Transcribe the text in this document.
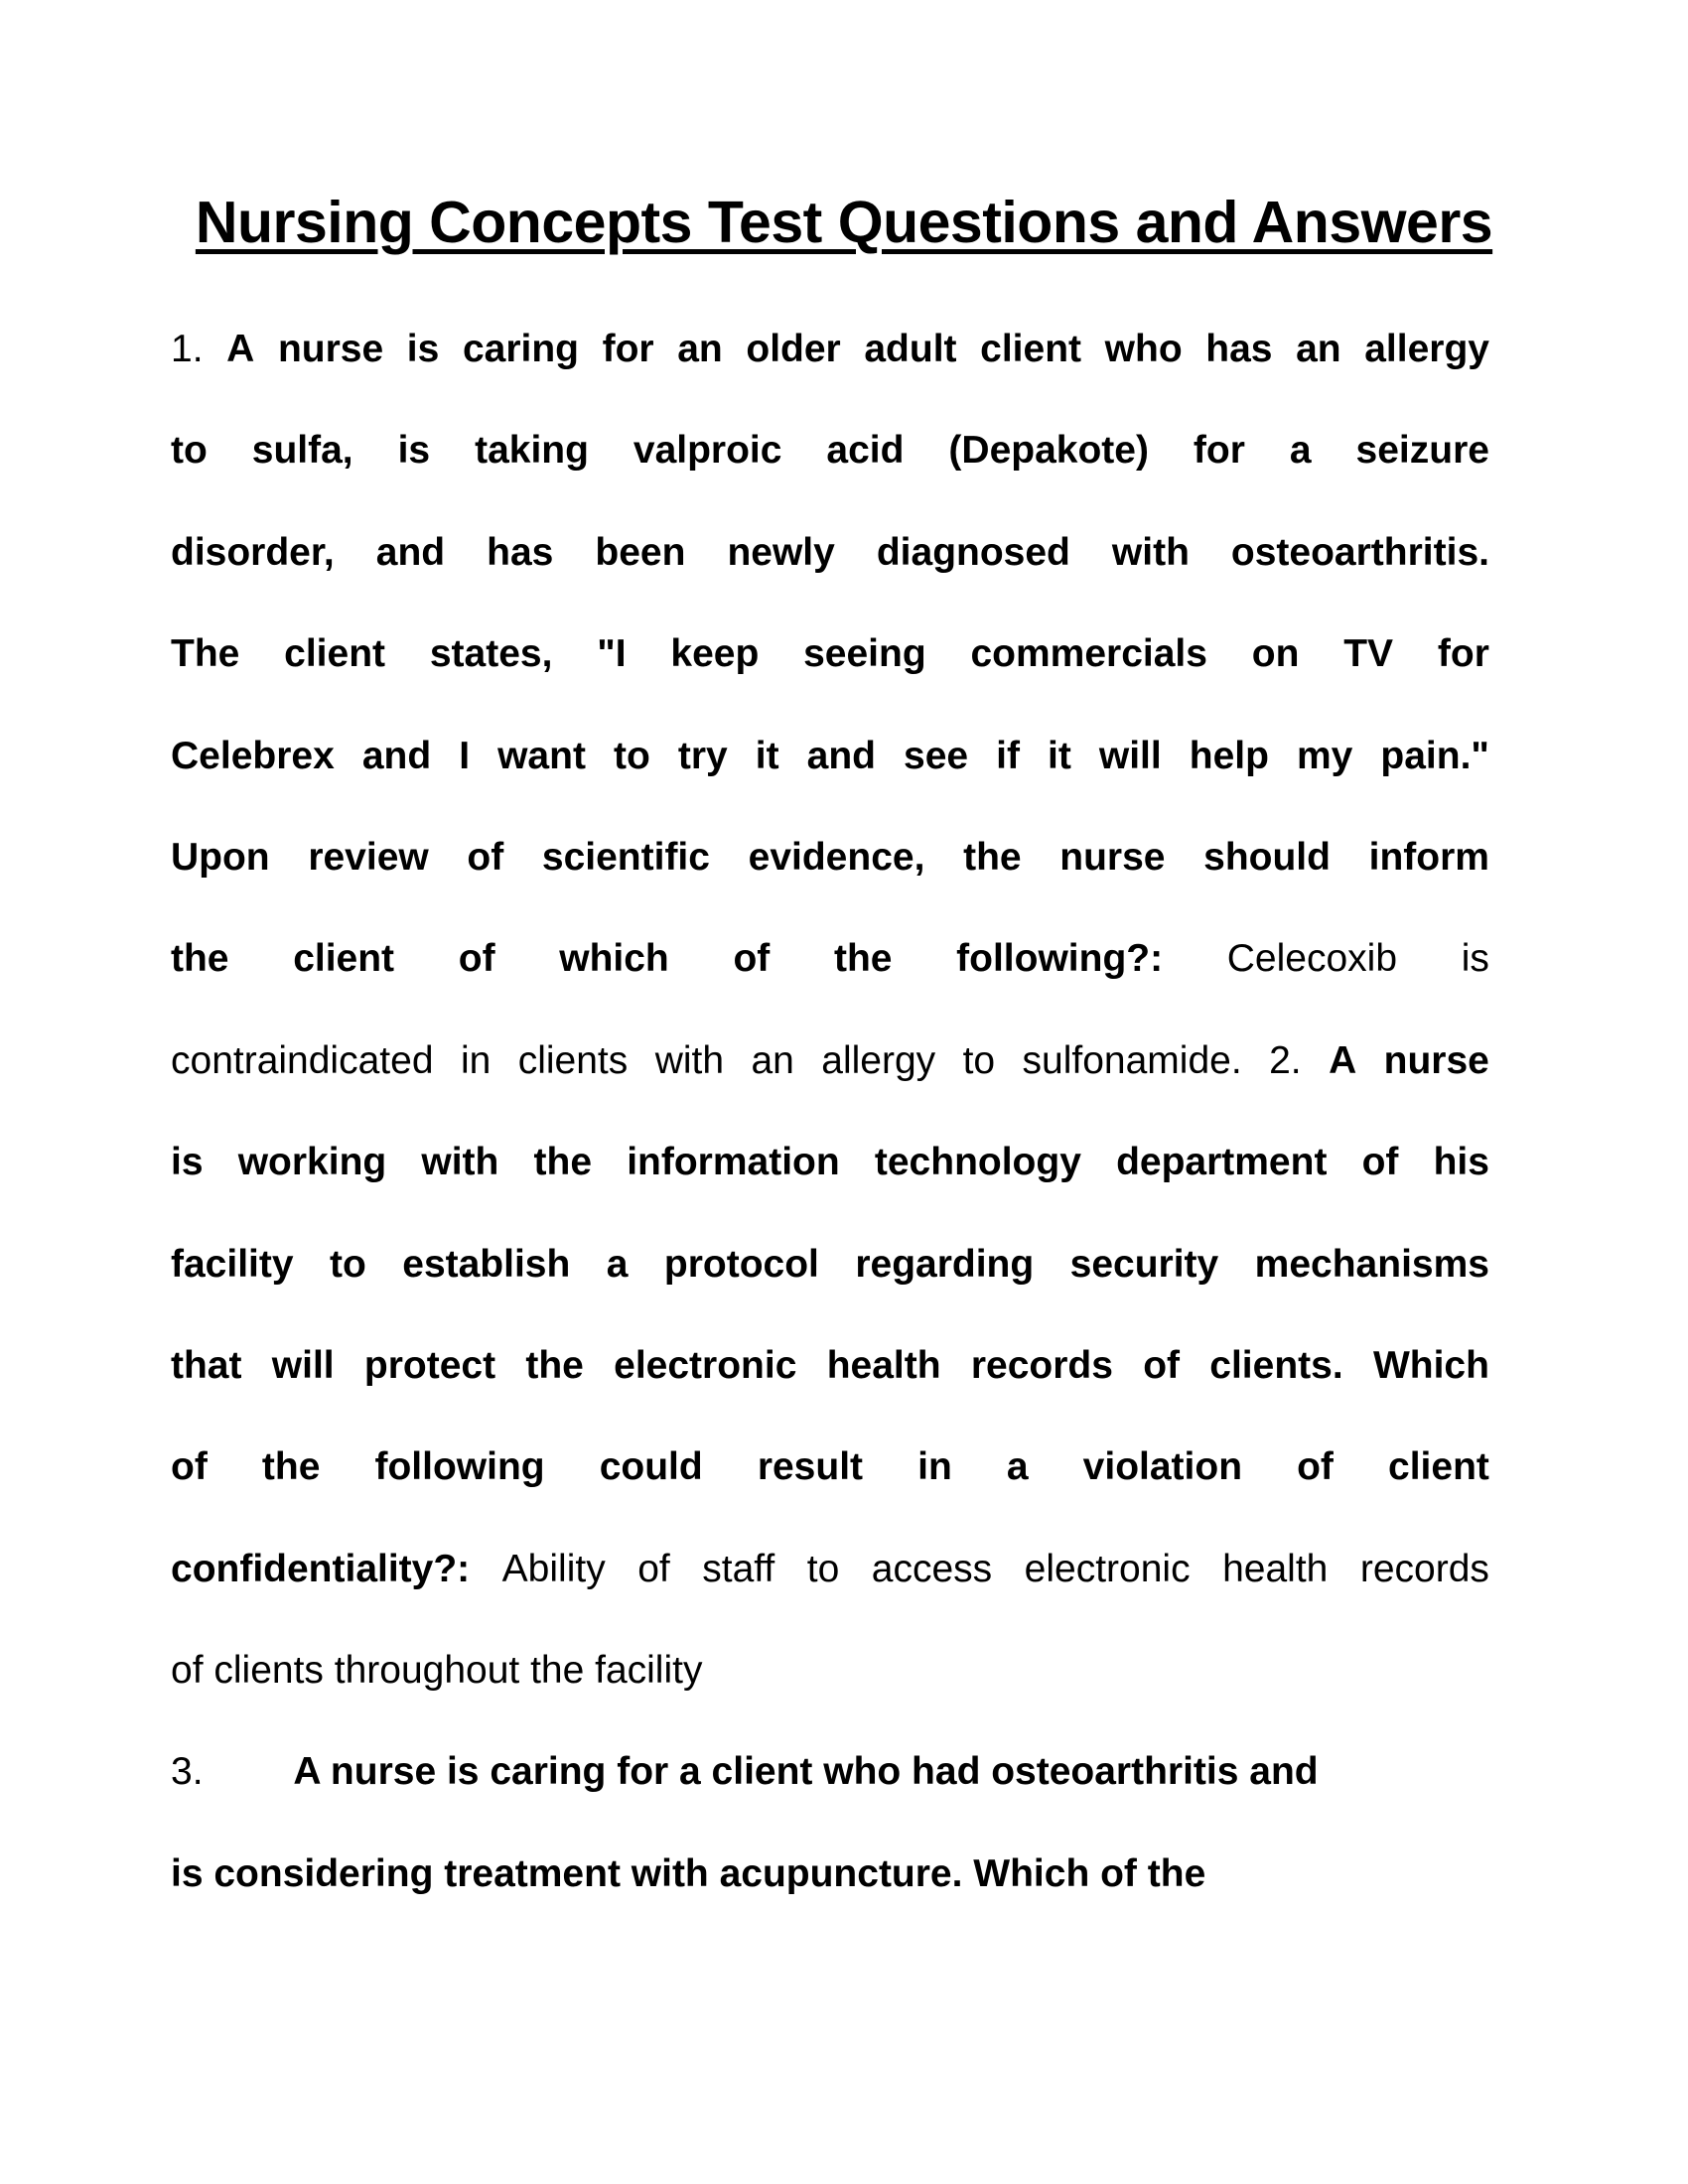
Nursing Concepts Test Questions and Answers
1. A nurse is caring for an older adult client who has an allergy
to sulfa, is taking valproic acid (Depakote) for a seizure
disorder, and has been newly diagnosed with osteoarthritis.
The client states, "I keep seeing commercials on TV for
Celebrex and I want to try it and see if it will help my pain."
Upon review of scientific evidence, the nurse should inform
the client of which of the following?: Celecoxib is
contraindicated in clients with an allergy to sulfonamide. 2. A nurse
is working with the information technology department of his
facility to establish a protocol regarding security mechanisms
that will protect the electronic health records of clients. Which
of the following could result in a violation of client
confidentiality?: Ability of staff to access electronic health records
of clients throughout the facility
3. A nurse is caring for a client who had osteoarthritis and
is considering treatment with acupuncture. Which of the
